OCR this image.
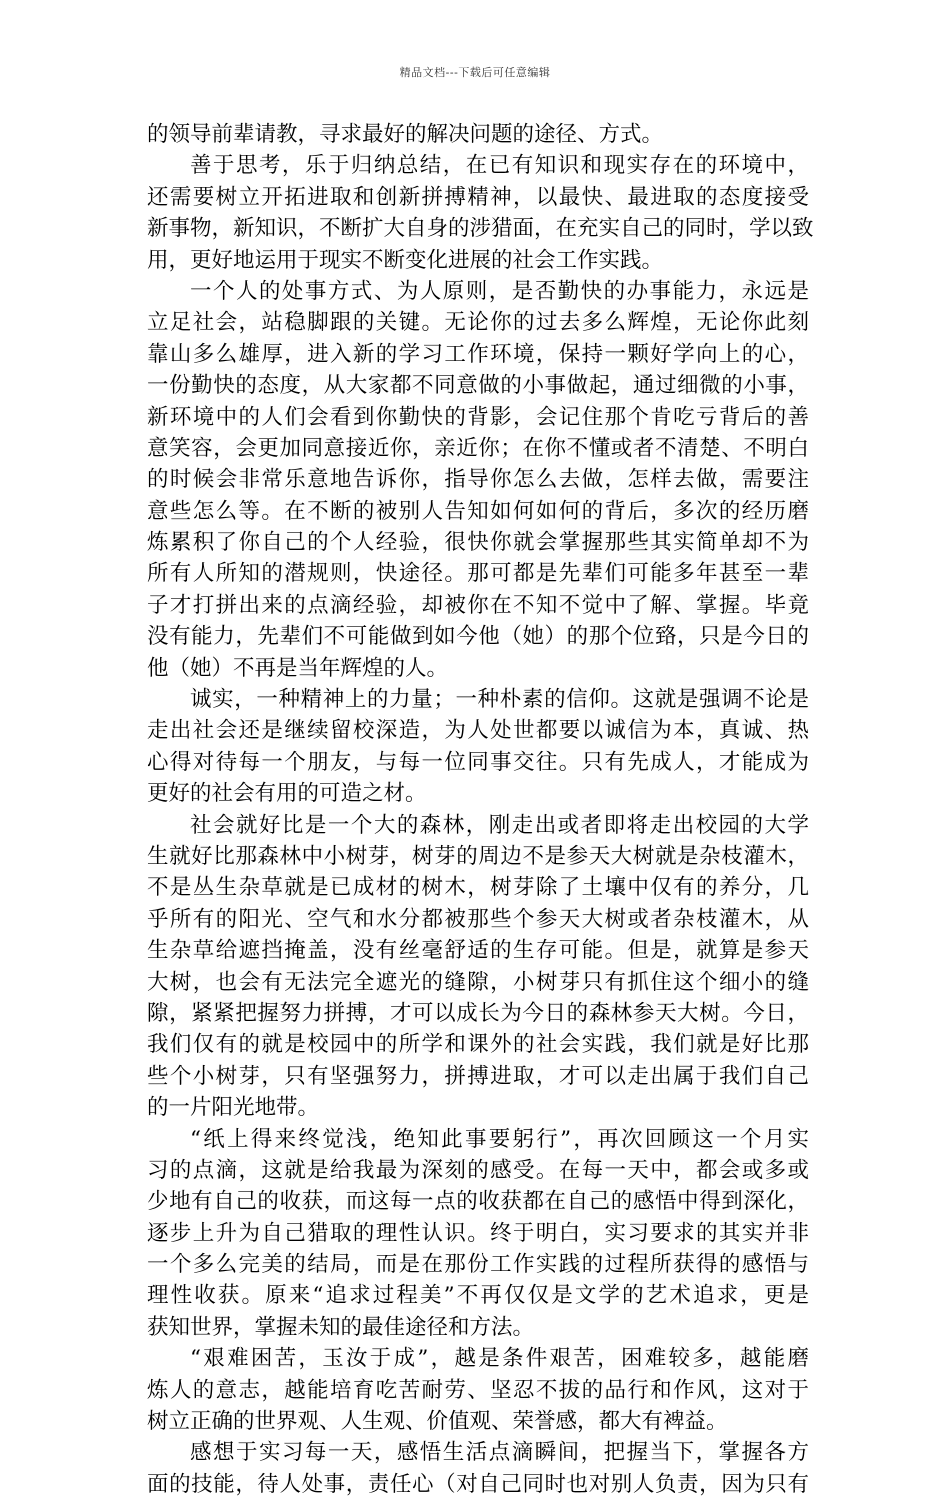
精品文档---下载后可任意编辑
的领导前辈请教，寻求最好的解决问题的途径、方式。
善于思考，乐于归纳总结，在已有知识和现实存在的环境中，
还需要树立开拓进取和创新拼搏精神，以最快、最进取的态度接受
新事物，新知识，不断扩大自身的涉猎面，在充实自己的同时，学以致
用，更好地运用于现实不断变化进展的社会工作实践。
一个人的处事方式、为人原则，是否勤快的办事能力，永远是
立足社会，站稳脚跟的关键。无论你的过去多么辉煌，无论你此刻
靠山多么雄厚，进入新的学习工作环境，保持一颗好学向上的心，
一份勤快的态度，从大家都不同意做的小事做起，通过细微的小事，
新环境中的人们会看到你勤快的背影，会记住那个肯吃亏背后的善
意笑容，会更加同意接近你，亲近你；在你不懂或者不清楚、不明白
的时候会非常乐意地告诉你，指导你怎么去做，怎样去做，需要注
意些怎么等。在不断的被别人告知如何如何的背后，多次的经历磨
炼累积了你自己的个人经验，很快你就会掌握那些其实简单却不为
所有人所知的潜规则，快途径。那可都是先辈们可能多年甚至一辈
子才打拼出来的点滴经验，却被你在不知不觉中了解、掌握。毕竟
没有能力，先辈们不可能做到如今他（她）的那个位臵，只是今日的
他（她）不再是当年辉煌的人。
诚实，一种精神上的力量；一种朴素的信仰。这就是强调不论是
走出社会还是继续留校深造，为人处世都要以诚信为本，真诚、热
心得对待每一个朋友，与每一位同事交往。只有先成人，才能成为
更好的社会有用的可造之材。
社会就好比是一个大的森林，刚走出或者即将走出校园的大学
生就好比那森林中小树芽，树芽的周边不是参天大树就是杂枝灌木，
不是丛生杂草就是已成材的树木，树芽除了土壤中仅有的养分，几
乎所有的阳光、空气和水分都被那些个参天大树或者杂枝灌木，从
生杂草给遮挡掩盖，没有丝毫舒适的生存可能。但是，就算是参天
大树，也会有无法完全遮光的缝隙，小树芽只有抓住这个细小的缝
隙，紧紧把握努力拼搏，才可以成长为今日的森林参天大树。今日，
我们仅有的就是校园中的所学和课外的社会实践，我们就是好比那
些个小树芽，只有坚强努力，拼搏进取，才可以走出属于我们自己
的一片阳光地带。
“纸上得来终觉浅，绝知此事要躬行”，再次回顾这一个月实
习的点滴，这就是给我最为深刻的感受。在每一天中，都会或多或
少地有自己的收获，而这每一点的收获都在自己的感悟中得到深化，
逐步上升为自己猎取的理性认识。终于明白，实习要求的其实并非
一个多么完美的结局，而是在那份工作实践的过程所获得的感悟与
理性收获。原来“追求过程美”不再仅仅是文学的艺术追求，更是
获知世界，掌握未知的最佳途径和方法。
“艰难困苦，玉汝于成”，越是条件艰苦，困难较多，越能磨
炼人的意志，越能培育吃苦耐劳、坚忍不拔的品行和作风，这对于
树立正确的世界观、人生观、价值观、荣誉感，都大有裨益。
感想于实习每一天，感悟生活点滴瞬间，把握当下，掌握各方
面的技能，待人处事，责任心（对自己同时也对别人负责，因为只有
